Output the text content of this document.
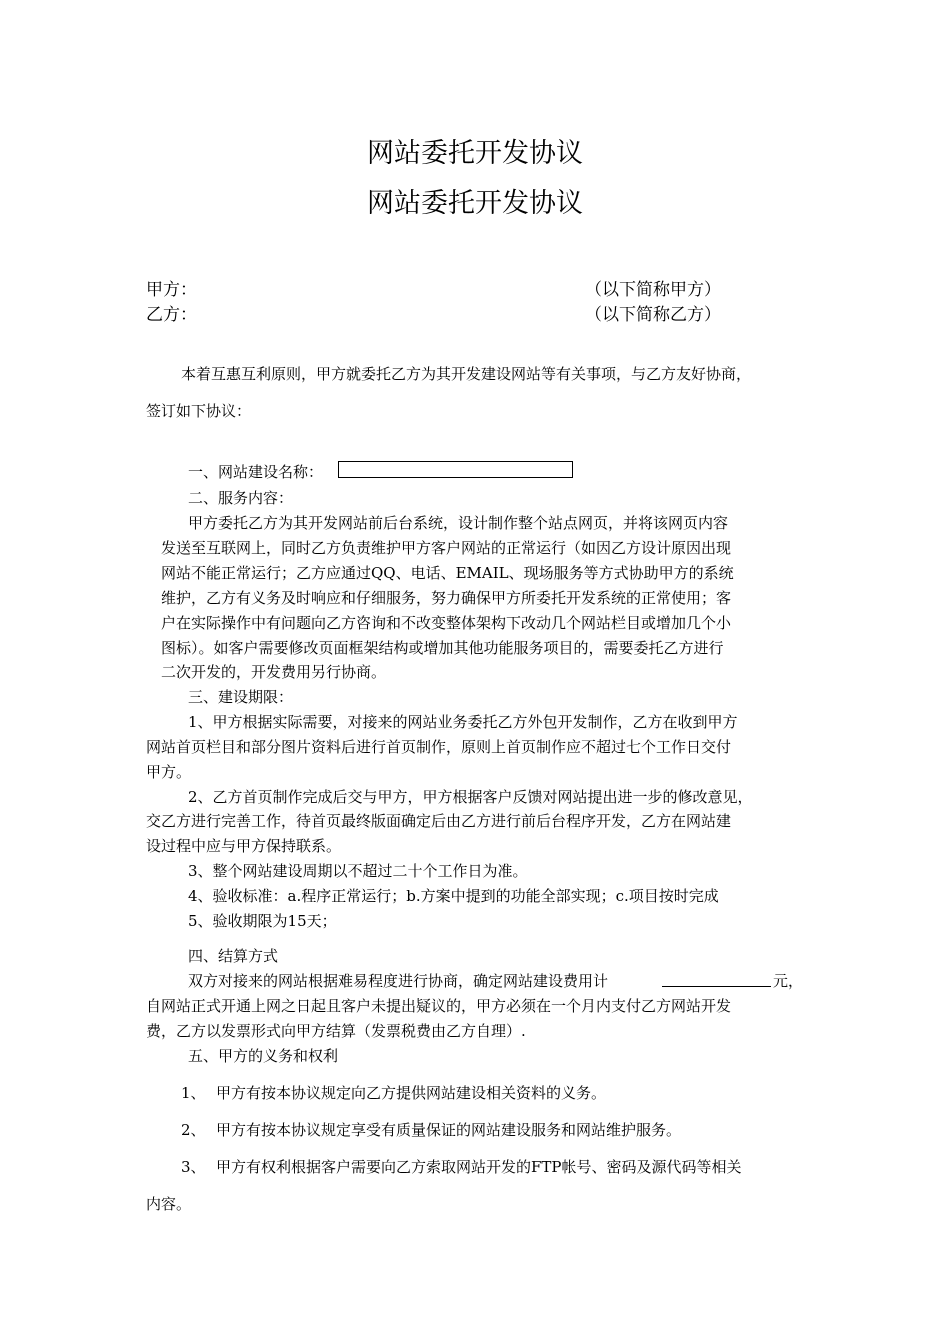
网站委托开发协议
网站委托开发协议
甲方：	（以下简称甲方）
乙方：	（以下简称乙方）
本着互惠互利原则，甲方就委托乙方为其开发建设网站等有关事项，与乙方友好协商，
签订如下协议：
一、网站建设名称：
二、服务内容：
甲方委托乙方为其开发网站前后台系统，设计制作整个站点网页，并将该网页内容
发送至互联网上，同时乙方负责维护甲方客户网站的正常运行（如因乙方设计原因出现
网站不能正常运行；乙方应通过QQ、电话、EMAIL、现场服务等方式协助甲方的系统
维护，乙方有义务及时响应和仔细服务，努力确保甲方所委托开发系统的正常使用；客
户在实际操作中有问题向乙方咨询和不改变整体架构下改动几个网站栏目或增加几个小
图标）。如客户需要修改页面框架结构或增加其他功能服务项目的，需要委托乙方进行
二次开发的，开发费用另行协商。
三、建设期限：
1、甲方根据实际需要，对接来的网站业务委托乙方外包开发制作，乙方在收到甲方
网站首页栏目和部分图片资料后进行首页制作，原则上首页制作应不超过七个工作日交付
甲方。
2、乙方首页制作完成后交与甲方，甲方根据客户反馈对网站提出进一步的修改意见，
交乙方进行完善工作，待首页最终版面确定后由乙方进行前后台程序开发，乙方在网站建
设过程中应与甲方保持联系。
3、整个网站建设周期以不超过二十个工作日为准。
4、验收标准：a.程序正常运行；b.方案中提到的功能全部实现；c.项目按时完成
5、验收期限为15天；
四、结算方式
双方对接来的网站根据难易程度进行协商，确定网站建设费用计	元，
自网站正式开通上网之日起且客户未提出疑议的，甲方必须在一个月内支付乙方网站开发
费，乙方以发票形式向甲方结算（发票税费由乙方自理）.
五、甲方的义务和权利
1、 甲方有按本协议规定向乙方提供网站建设相关资料的义务。
2、 甲方有按本协议规定享受有质量保证的网站建设服务和网站维护服务。
3、 甲方有权利根据客户需要向乙方索取网站开发的FTP帐号、密码及源代码等相关
内容。
